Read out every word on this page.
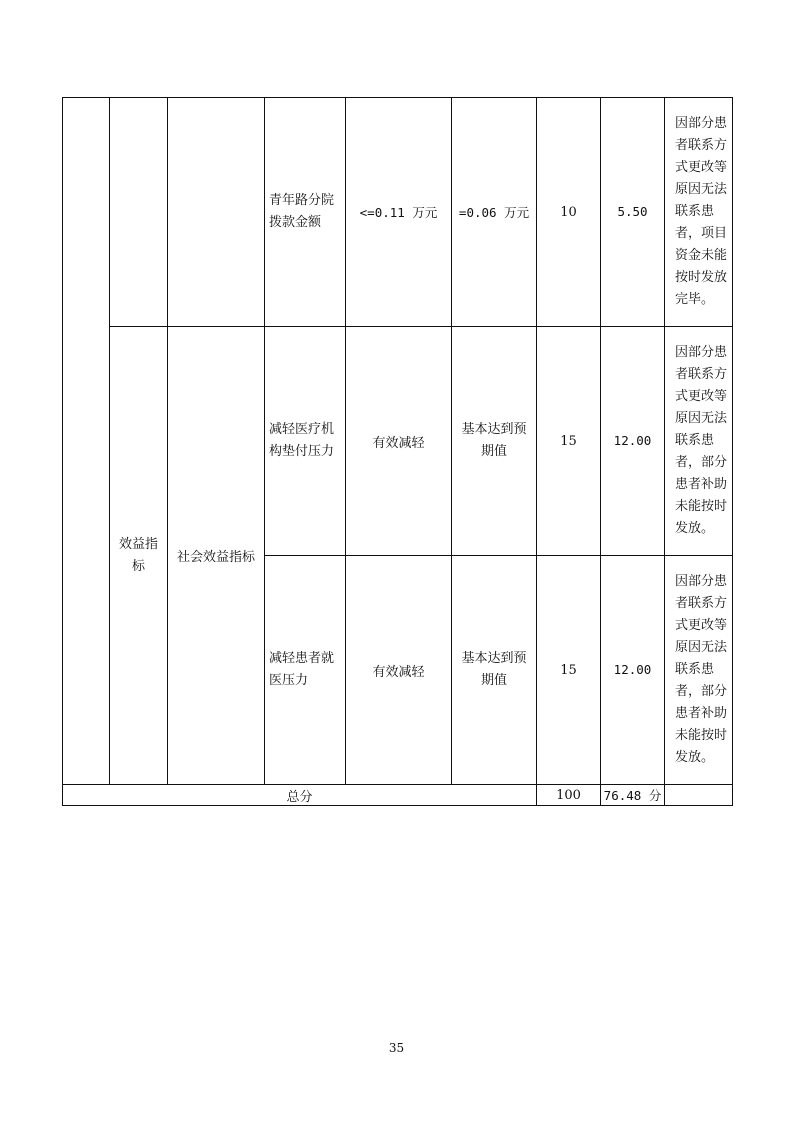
			青年路分院拨款金额	<=0.11 万元	=0.06 万元	10	5.50	因部分患者联系方式更改等原因无法联系患者，项目资金未能按时发放完毕。

	效益指标	社会效益指标	减轻医疗机构垫付压力	有效减轻	基本达到预期值	15	12.00	因部分患者联系方式更改等原因无法联系患者，部分患者补助未能按时发放。

			减轻患者就医压力	有效减轻	基本达到预期值	15	12.00	因部分患者联系方式更改等原因无法联系患者，部分患者补助未能按时发放。

总分						100	76.48 分	
35
